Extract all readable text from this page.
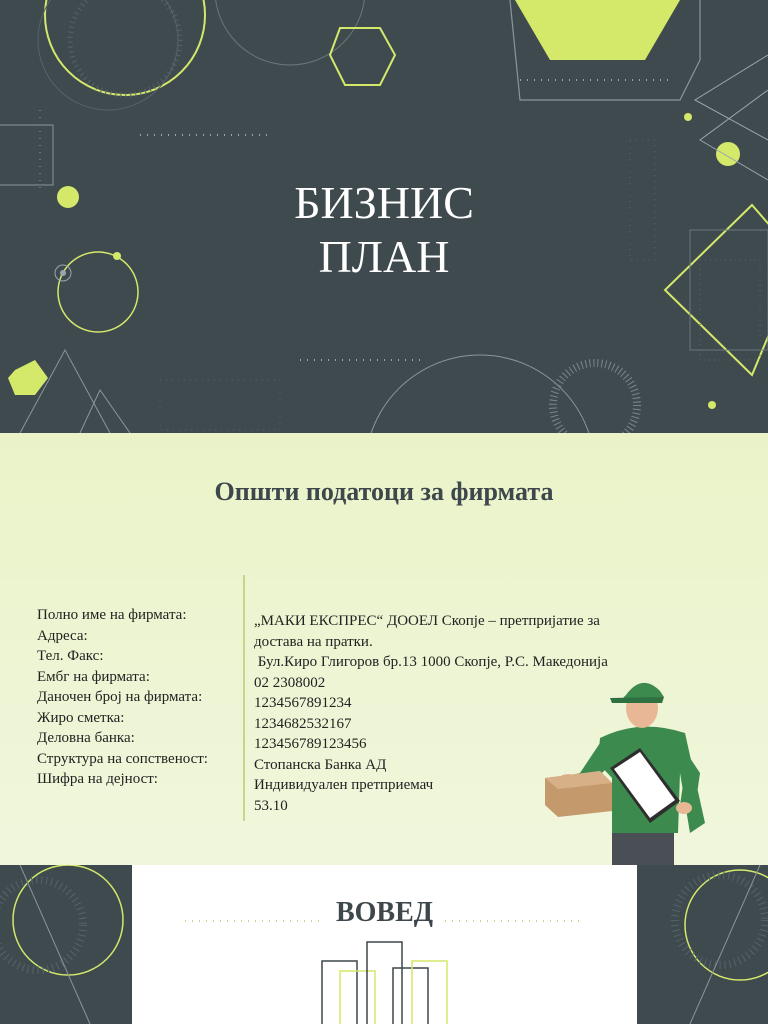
БИЗНИС
ПЛАН
Општи податоци за фирмата
Полно име на фирмата:
Адреса:
Тел. Факс:
Ембг на фирмата:
Даночен број на фирмата:
Жиро сметка:
Деловна банка:
Структура на сопственост:
Шифра на дејност:
„МАКИ ЕКСПРЕС“ ДООЕЛ Скопје – претпријатие за
достава на пратки.
Бул.Киро Глигоров бр.13 1000 Скопје, Р.С. Македонија
02 2308002
1234567891234
1234682532167
123456789123456
Стопанска Банка АД
Индивидуален претприемач
53.10
ВОВЕД
